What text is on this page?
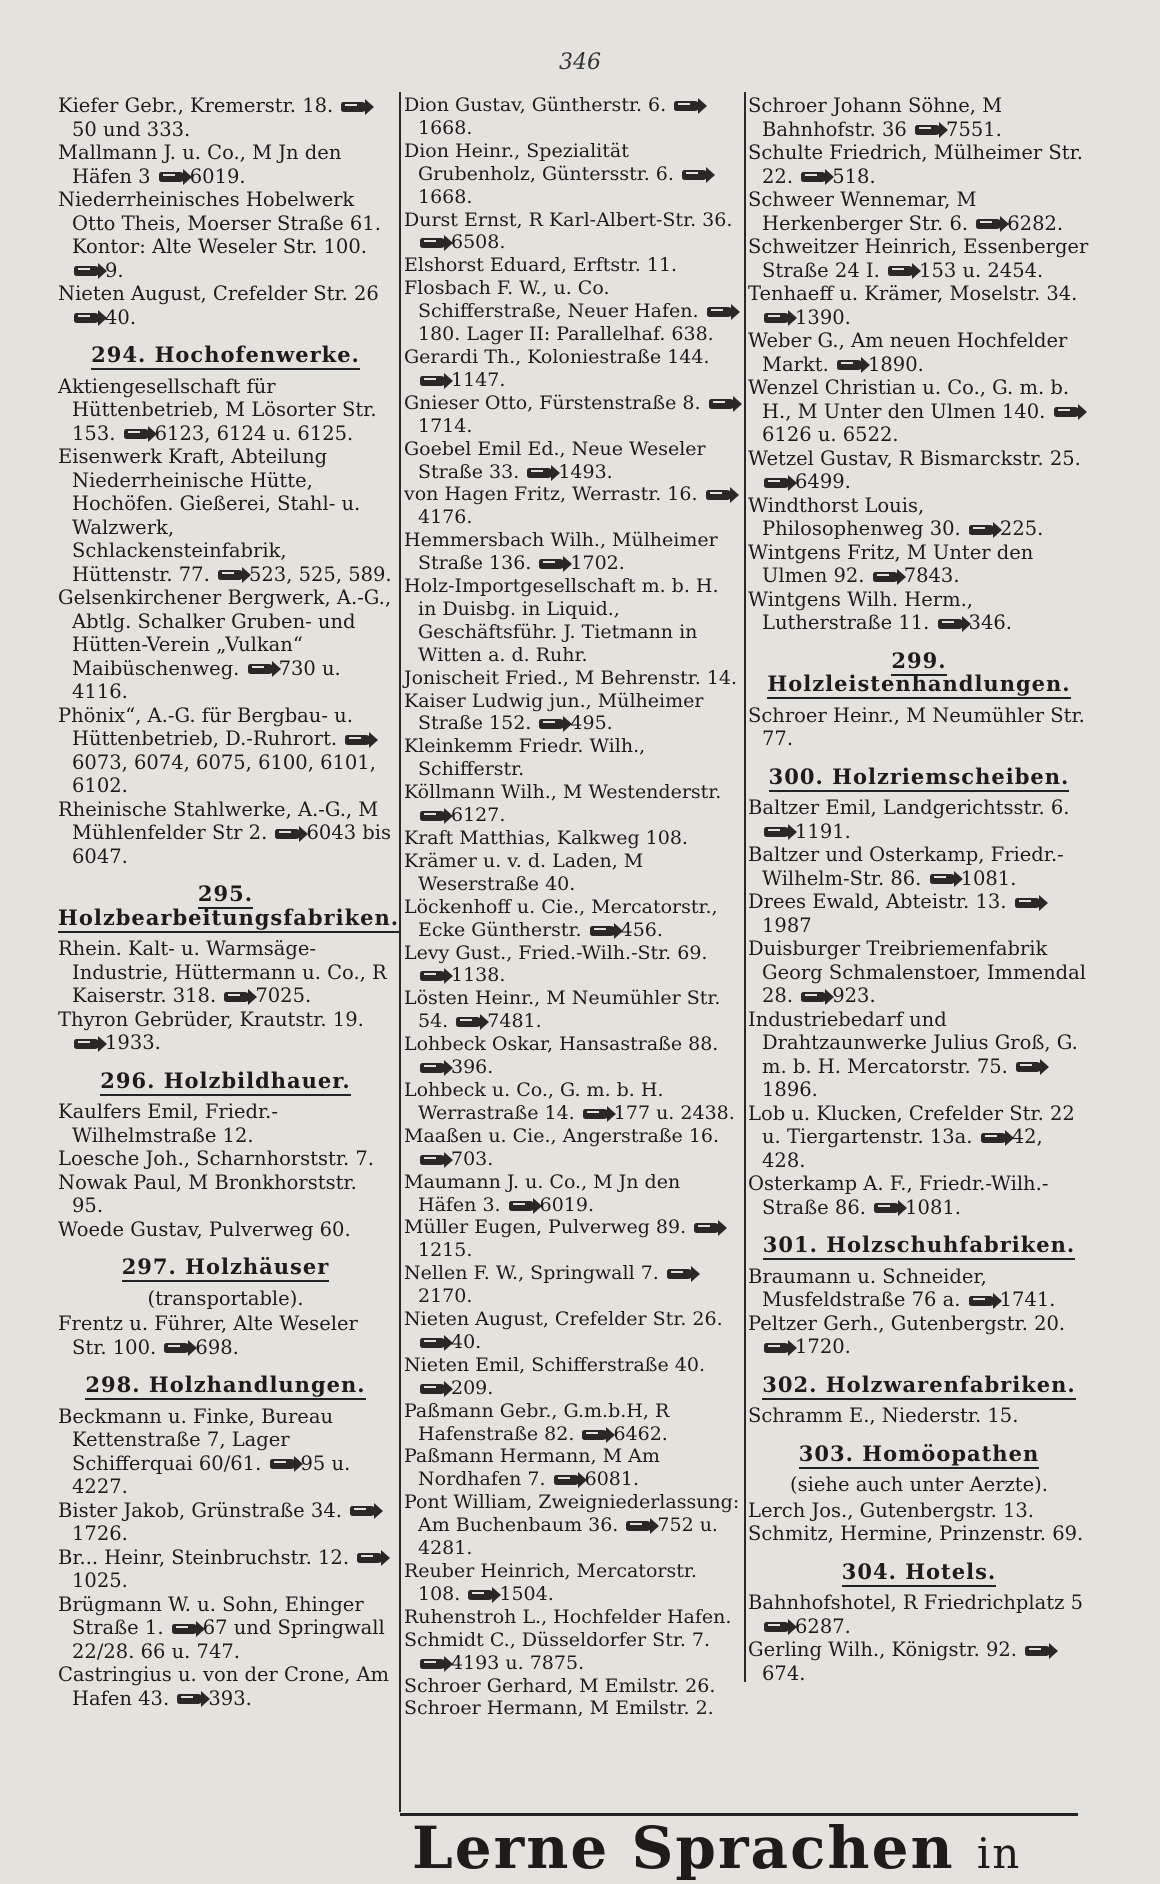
346

Kiefer Gebr., Kremerstr. 18. 50 und 333.

Mallmann J. u. Co., M Jn den Häfen 3 6019.

Niederrheinisches Hobelwerk Otto Theis, Moerser Straße 61. Kontor: Alte Weseler Str. 100. 9.

Nieten August, Crefelder Str. 26 40.

294. Hochofenwerke.

Aktiengesellschaft für Hüttenbetrieb, M Lösorter Str. 153. 6123, 6124 u. 6125.

Eisenwerk Kraft, Abteilung Niederrheinische Hütte, Hochöfen. Gießerei, Stahl- u. Walzwerk, Schlackensteinfabrik, Hüttenstr. 77. 523, 525, 589.

Gelsenkirchener Bergwerk, A.-G., Abtlg. Schalker Gruben- und Hütten-Verein „Vulkan“ Maibüschenweg. 730 u. 4116.

Phönix“, A.-G. für Bergbau- u. Hüttenbetrieb, D.-Ruhrort. 6073, 6074, 6075, 6100, 6101, 6102.

Rheinische Stahlwerke, A.-G., M Mühlenfelder Str 2. 6043 bis 6047.

295. Holzbearbeitungsfabriken.

Rhein. Kalt- u. Warmsäge-Industrie, Hüttermann u. Co., R Kaiserstr. 318. 7025.

Thyron Gebrüder, Krautstr. 19. 1933.

296. Holzbildhauer.

Kaulfers Emil, Friedr.-Wilhelmstraße 12.

Loesche Joh., Scharnhorststr. 7.

Nowak Paul, M Bronkhorststr. 95.

Woede Gustav, Pulverweg 60.

297. Holzhäuser
(transportable).

Frentz u. Führer, Alte Weseler Str. 100. 698.

298. Holzhandlungen.

Beckmann u. Finke, Bureau Kettenstraße 7, Lager Schifferquai 60/61. 95 u. 4227.

Bister Jakob, Grünstraße 34. 1726.

Br... Heinr, Steinbruchstr. 12. 1025.

Brügmann W. u. Sohn, Ehinger Straße 1. 67 und Springwall 22/28. 66 u. 747.

Castringius u. von der Crone, Am Hafen 43. 393.

Dion Gustav, Güntherstr. 6. 1668.

Dion Heinr., Spezialität Grubenholz, Güntersstr. 6. 1668.

Durst Ernst, R Karl-Albert-Str. 36. 6508.

Elshorst Eduard, Erftstr. 11.

Flosbach F. W., u. Co. Schifferstraße, Neuer Hafen. 180. Lager II: Parallelhaf. 638.

Gerardi Th., Koloniestraße 144. 1147.

Gnieser Otto, Fürstenstraße 8. 1714.

Goebel Emil Ed., Neue Weseler Straße 33. 1493.

von Hagen Fritz, Werrastr. 16. 4176.

Hemmersbach Wilh., Mülheimer Straße 136. 1702.

Holz-Importgesellschaft m. b. H. in Duisbg. in Liquid., Geschäftsführ. J. Tietmann in Witten a. d. Ruhr.

Jonischeit Fried., M Behrenstr. 14.

Kaiser Ludwig jun., Mülheimer Straße 152. 495.

Kleinkemm Friedr. Wilh., Schifferstr.

Köllmann Wilh., M Westenderstr. 6127.

Kraft Matthias, Kalkweg 108.

Krämer u. v. d. Laden, M Weserstraße 40.

Löckenhoff u. Cie., Mercatorstr., Ecke Güntherstr. 456.

Levy Gust., Fried.-Wilh.-Str. 69. 1138.

Lösten Heinr., M Neumühler Str. 54. 7481.

Lohbeck Oskar, Hansastraße 88. 396.

Lohbeck u. Co., G. m. b. H. Werrastraße 14. 177 u. 2438.

Maaßen u. Cie., Angerstraße 16. 703.

Maumann J. u. Co., M Jn den Häfen 3. 6019.

Müller Eugen, Pulverweg 89. 1215.

Nellen F. W., Springwall 7. 2170.

Nieten August, Crefelder Str. 26. 40.

Nieten Emil, Schifferstraße 40. 209.

Paßmann Gebr., G.m.b.H, R Hafenstraße 82. 6462.

Paßmann Hermann, M Am Nordhafen 7. 6081.

Pont William, Zweigniederlassung: Am Buchenbaum 36. 752 u. 4281.

Reuber Heinrich, Mercatorstr. 108. 1504.

Ruhenstroh L., Hochfelder Hafen.

Schmidt C., Düsseldorfer Str. 7. 4193 u. 7875.

Schroer Gerhard, M Emilstr. 26.

Schroer Hermann, M Emilstr. 2.

Schroer Johann Söhne, M Bahnhofstr. 36 7551.

Schulte Friedrich, Mülheimer Str. 22. 518.

Schweer Wennemar, M Herkenberger Str. 6. 6282.

Schweitzer Heinrich, Essenberger Straße 24 I. 153 u. 2454.

Tenhaeff u. Krämer, Moselstr. 34. 1390.

Weber G., Am neuen Hochfelder Markt. 1890.

Wenzel Christian u. Co., G. m. b. H., M Unter den Ulmen 140. 6126 u. 6522.

Wetzel Gustav, R Bismarckstr. 25. 6499.

Windthorst Louis, Philosophenweg 30. 225.

Wintgens Fritz, M Unter den Ulmen 92. 7843.

Wintgens Wilh. Herm., Lutherstraße 11. 346.

299. Holzleistenhandlungen.

Schroer Heinr., M Neumühler Str. 77.

300. Holzriemscheiben.

Baltzer Emil, Landgerichtsstr. 6. 1191.

Baltzer und Osterkamp, Friedr.-Wilhelm-Str. 86. 1081.

Drees Ewald, Abteistr. 13. 1987

Duisburger Treibriemenfabrik Georg Schmalenstoer, Immendal 28. 923.

Industriebedarf und Drahtzaunwerke Julius Groß, G. m. b. H. Mercatorstr. 75. 1896.

Lob u. Klucken, Crefelder Str. 22 u. Tiergartenstr. 13a. 42, 428.

Osterkamp A. F., Friedr.-Wilh.-Straße 86. 1081.

301. Holzschuhfabriken.

Braumann u. Schneider, Musfeldstraße 76 a. 1741.

Peltzer Gerh., Gutenbergstr. 20. 1720.

302. Holzwarenfabriken.

Schramm E., Niederstr. 15.

303. Homöopathen
(siehe auch unter Aerzte).

Lerch Jos., Gutenbergstr. 13.

Schmitz, Hermine, Prinzenstr. 69.

304. Hotels.

Bahnhofshotel, R Friedrichplatz 5 6287.

Gerling Wilh., Königstr. 92. 674.

Lerne Sprachen in
